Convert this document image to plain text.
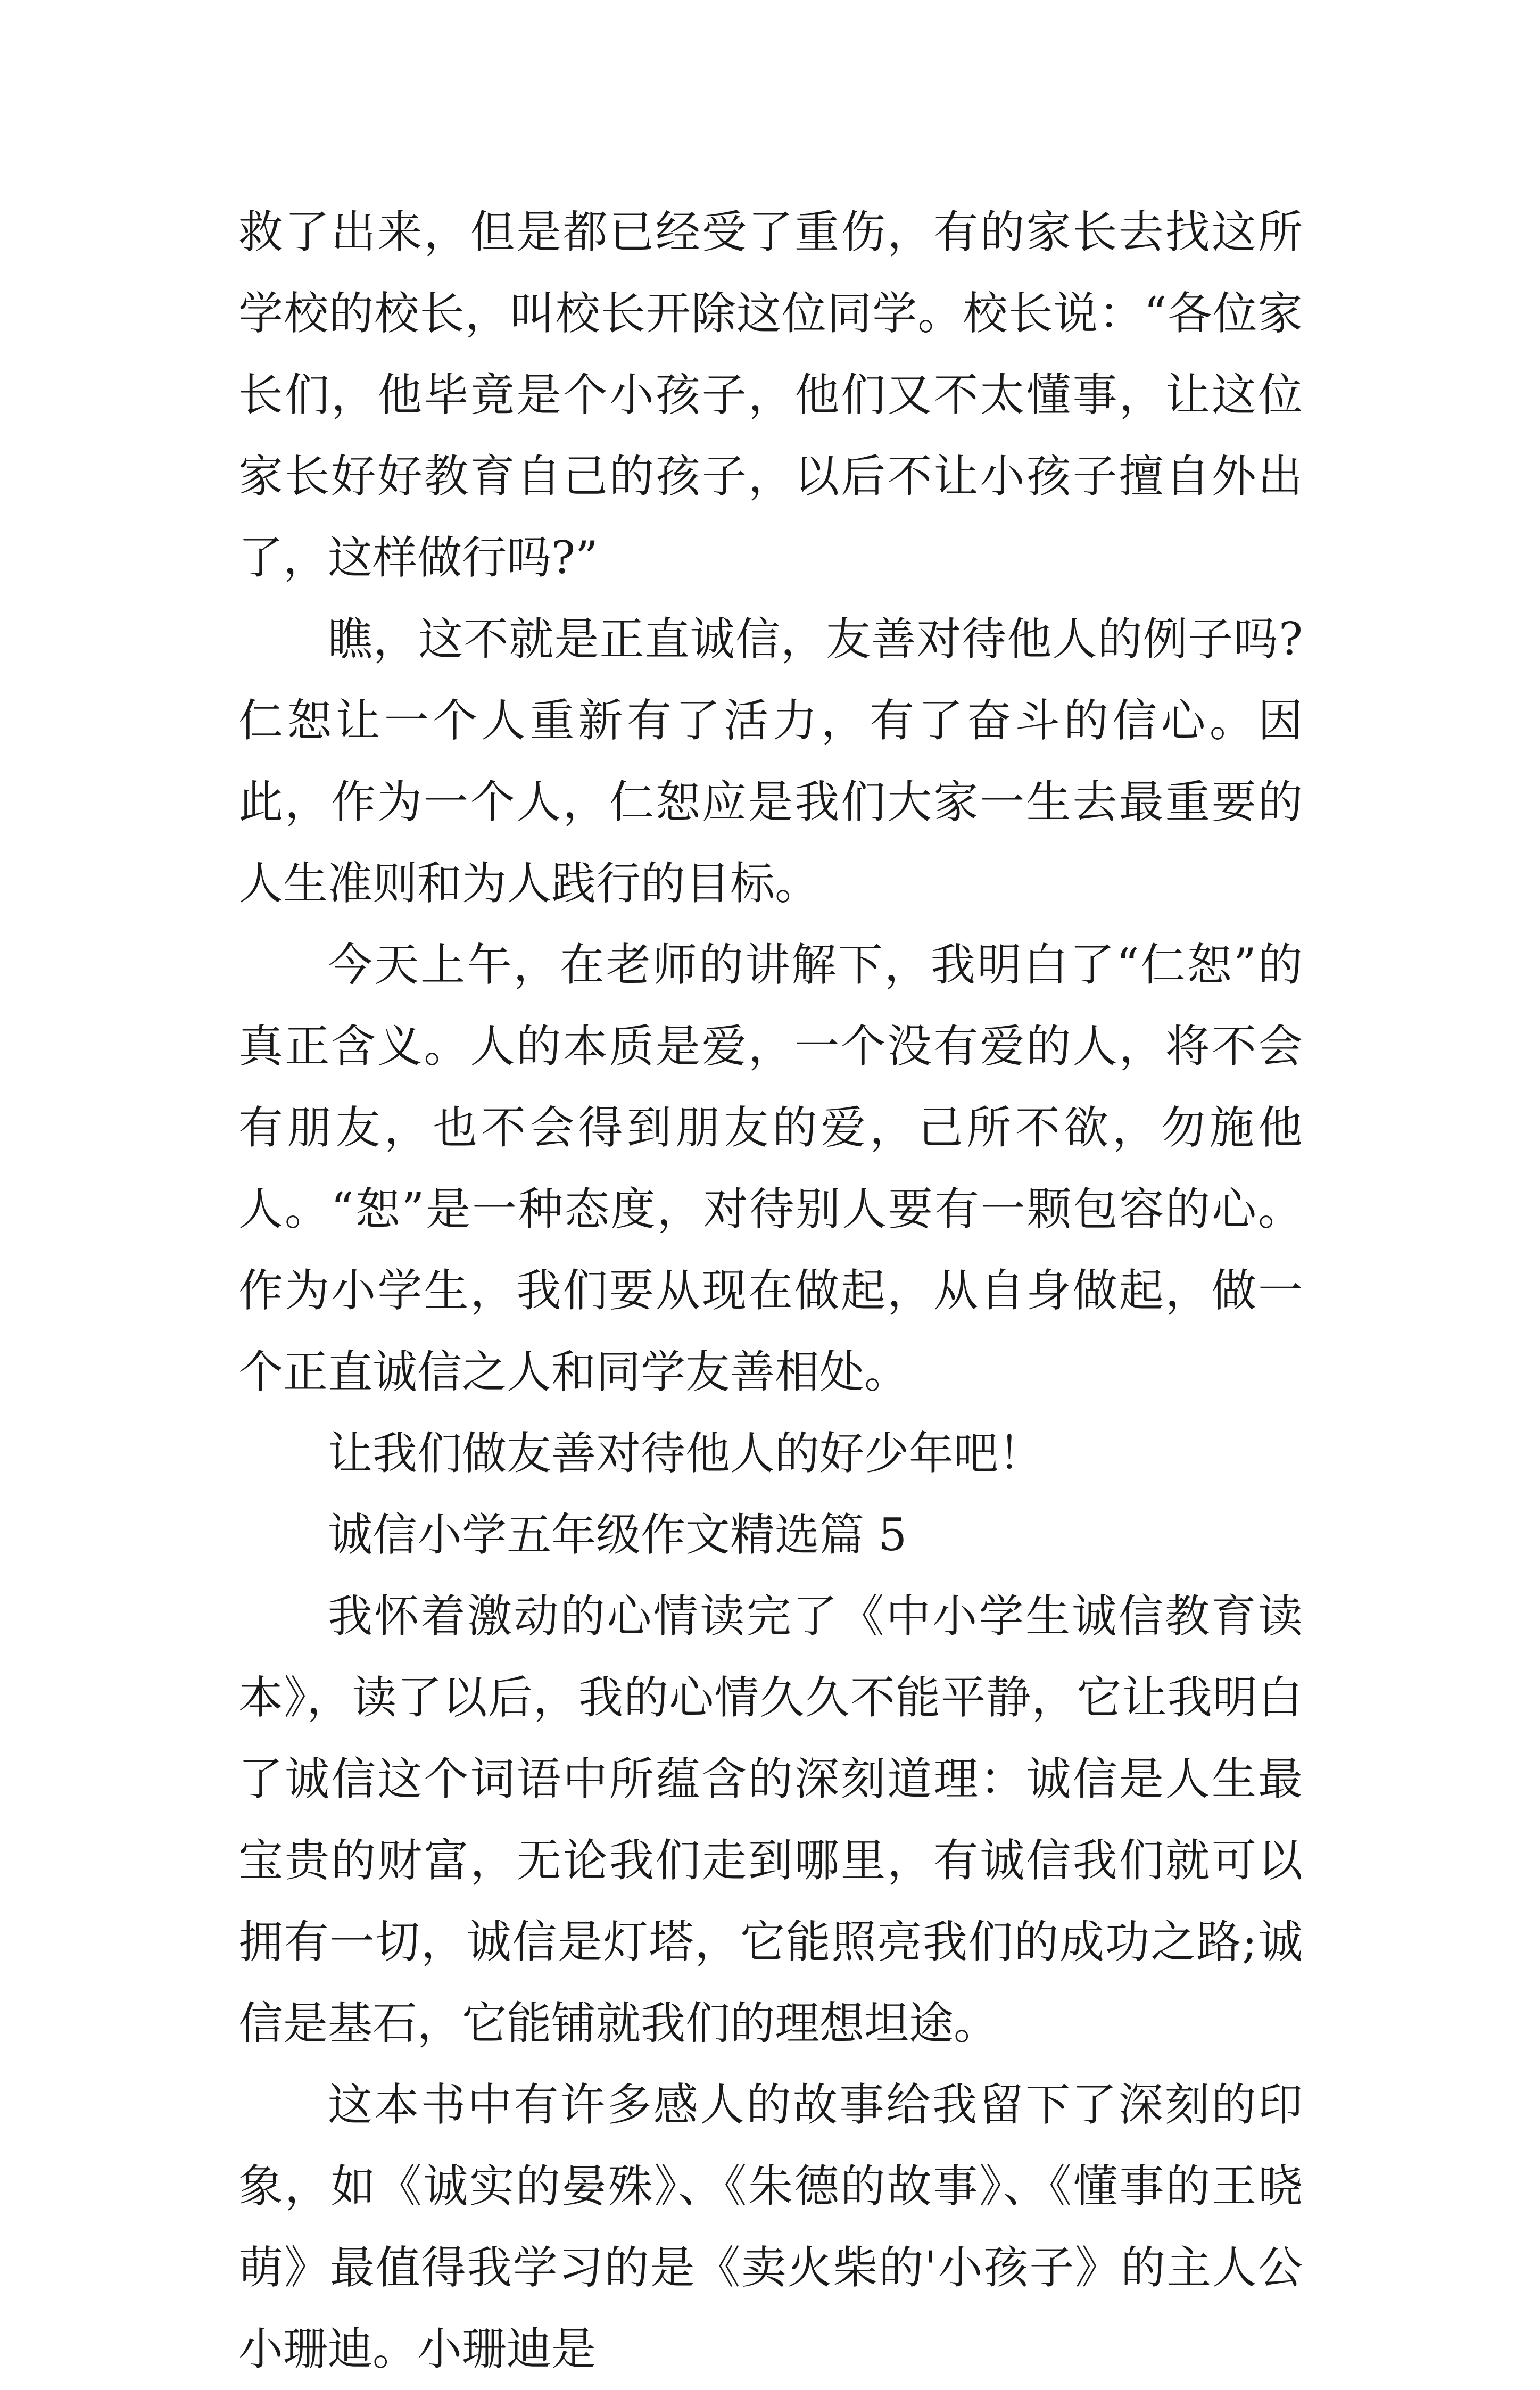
救了出来，但是都已经受了重伤，有的家长去找这所学校的校长，叫校长开除这位同学。校长说：“各位家长们，他毕竟是个小孩子，他们又不太懂事，让这位家长好好教育自己的孩子，以后不让小孩子擅自外出了，这样做行吗?”

瞧，这不就是正直诚信，友善对待他人的例子吗?仁恕让一个人重新有了活力，有了奋斗的信心。因此，作为一个人，仁恕应是我们大家一生去最重要的人生准则和为人践行的目标。

今天上午，在老师的讲解下，我明白了“仁恕”的真正含义。人的本质是爱，一个没有爱的人，将不会有朋友，也不会得到朋友的爱，己所不欲，勿施他人。“恕”是一种态度，对待别人要有一颗包容的心。作为小学生，我们要从现在做起，从自身做起，做一个正直诚信之人和同学友善相处。

让我们做友善对待他人的好少年吧！

诚信小学五年级作文精选篇 5

我怀着激动的心情读完了《中小学生诚信教育读本》，读了以后，我的心情久久不能平静，它让我明白了诚信这个词语中所蕴含的深刻道理：诚信是人生最宝贵的财富，无论我们走到哪里，有诚信我们就可以拥有一切，诚信是灯塔，它能照亮我们的成功之路;诚信是基石，它能铺就我们的理想坦途。

这本书中有许多感人的故事给我留下了深刻的印象，如《诚实的晏殊》、《朱德的故事》、《懂事的王晓萌》最值得我学习的是《卖火柴的'小孩子》的主人公小珊迪。小珊迪是
